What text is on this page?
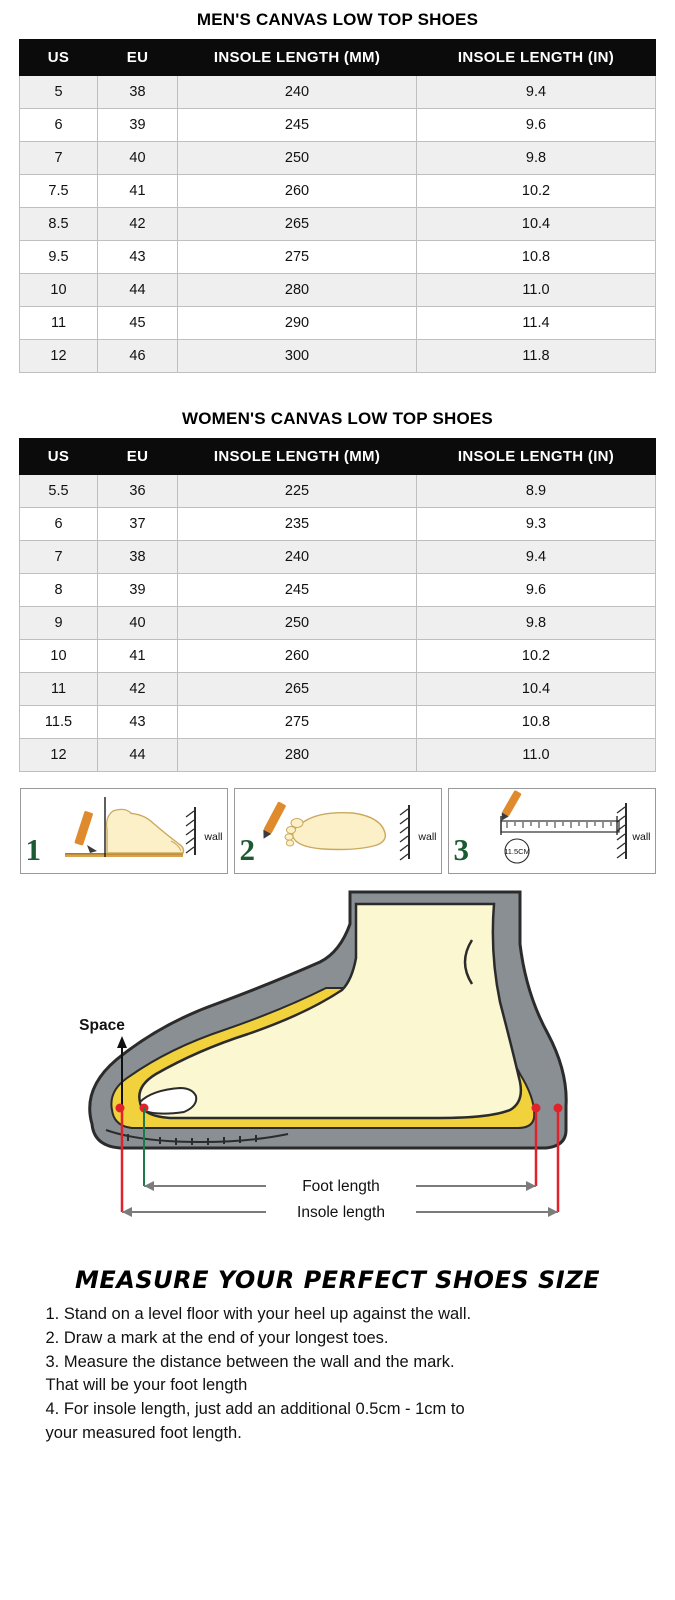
MEN'S CANVAS LOW TOP SHOES
US	EU	INSOLE LENGTH (MM)	INSOLE LENGTH (IN)
5	38	240	9.4
6	39	245	9.6
7	40	250	9.8
7.5	41	260	10.2
8.5	42	265	10.4
9.5	43	275	10.8
10	44	280	11.0
11	45	290	11.4
12	46	300	11.8
WOMEN'S CANVAS LOW TOP SHOES
US	EU	INSOLE LENGTH (MM)	INSOLE LENGTH (IN)
5.5	36	225	8.9
6	37	235	9.3
7	38	240	9.4
8	39	245	9.6
9	40	250	9.8
10	41	260	10.2
11	42	265	10.4
11.5	43	275	10.8
12	44	280	11.0
1	wall 2	wall
11.5CM
3	wall
Space
Foot length
Insole length
MEASURE YOUR PERFECT SHOES SIZE

1. Stand on a level floor with your heel up against the wall.

2. Draw a mark at the end of your longest toes.

3. Measure the distance between the wall and the mark.

That will be your foot length

4. For insole length, just add an additional 0.5cm - 1cm to

your measured foot length.
